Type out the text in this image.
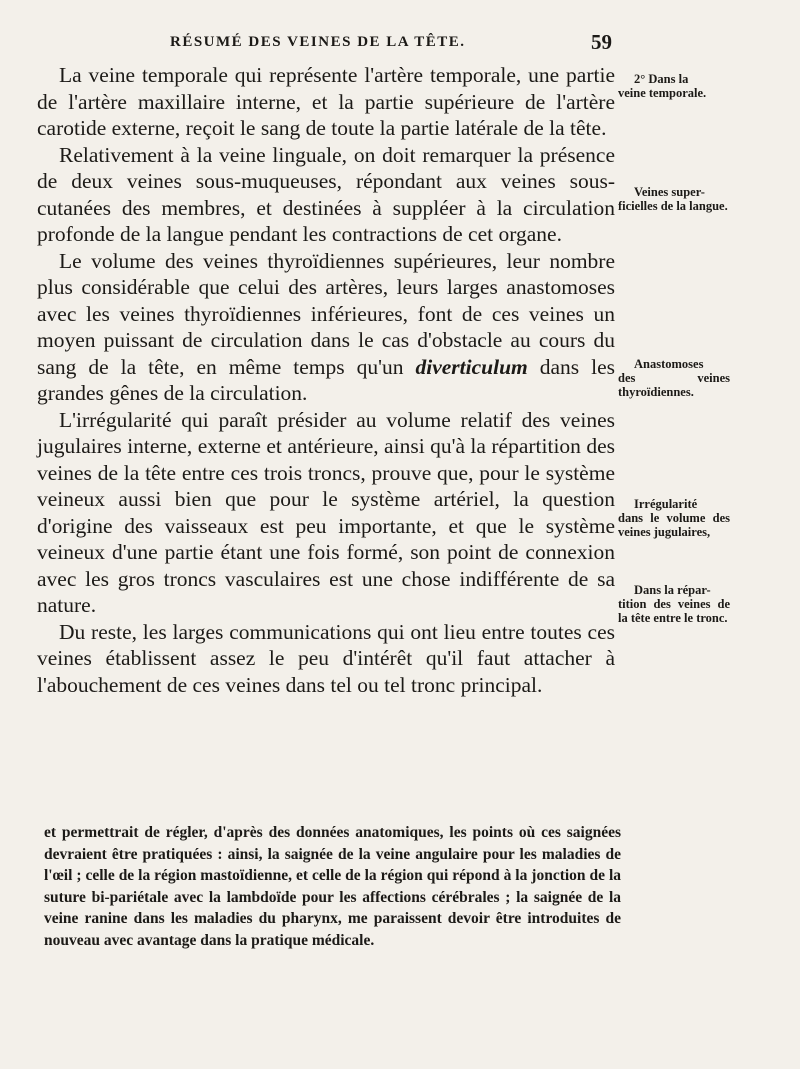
RÉSUMÉ DES VEINES DE LA TÊTE.	59

La veine temporale qui représente l'artère temporale, une partie de l'artère maxillaire interne, et la partie supérieure de l'artère carotide externe, reçoit le sang de toute la partie latérale de la tête.

Relativement à la veine linguale, on doit remarquer la présence de deux veines sous-muqueuses, répondant aux veines sous-cutanées des membres, et destinées à suppléer à la circulation profonde de la langue pendant les contractions de cet organe.

Le volume des veines thyroïdiennes supérieures, leur nombre plus considérable que celui des artères, leurs larges anastomoses avec les veines thyroïdiennes inférieures, font de ces veines un moyen puissant de circulation dans le cas d'obstacle au cours du sang de la tête, en même temps qu'un diverticulum dans les grandes gênes de la circulation.

L'irrégularité qui paraît présider au volume relatif des veines jugulaires interne, externe et antérieure, ainsi qu'à la répartition des veines de la tête entre ces trois troncs, prouve que, pour le système veineux aussi bien que pour le système artériel, la question d'origine des vaisseaux est peu importante, et que le système veineux d'une partie étant une fois formé, son point de connexion avec les gros troncs vasculaires est une chose indifférente de sa nature.

Du reste, les larges communications qui ont lieu entre toutes ces veines établissent assez le peu d'intérêt qu'il faut attacher à l'abouchement de ces veines dans tel ou tel tronc principal.

2° Dans la
veine temporale.
Veines super-
ficielles de la langue.
Anastomoses
des veines thyroïdiennes.
Irrégularité
dans le volume des veines jugulaires,
Dans la répar-
tition des veines de la tête entre le tronc.
et permettrait de régler, d'après des données anatomiques, les points où ces saignées devraient être pratiquées : ainsi, la saignée de la veine angulaire pour les maladies de l'œil ; celle de la région mastoïdienne, et celle de la région qui répond à la jonction de la suture bi-pariétale avec la lambdoïde pour les affections cérébrales ; la saignée de la veine ranine dans les maladies du pharynx, me paraissent devoir être introduites de nouveau avec avantage dans la pratique médicale.
